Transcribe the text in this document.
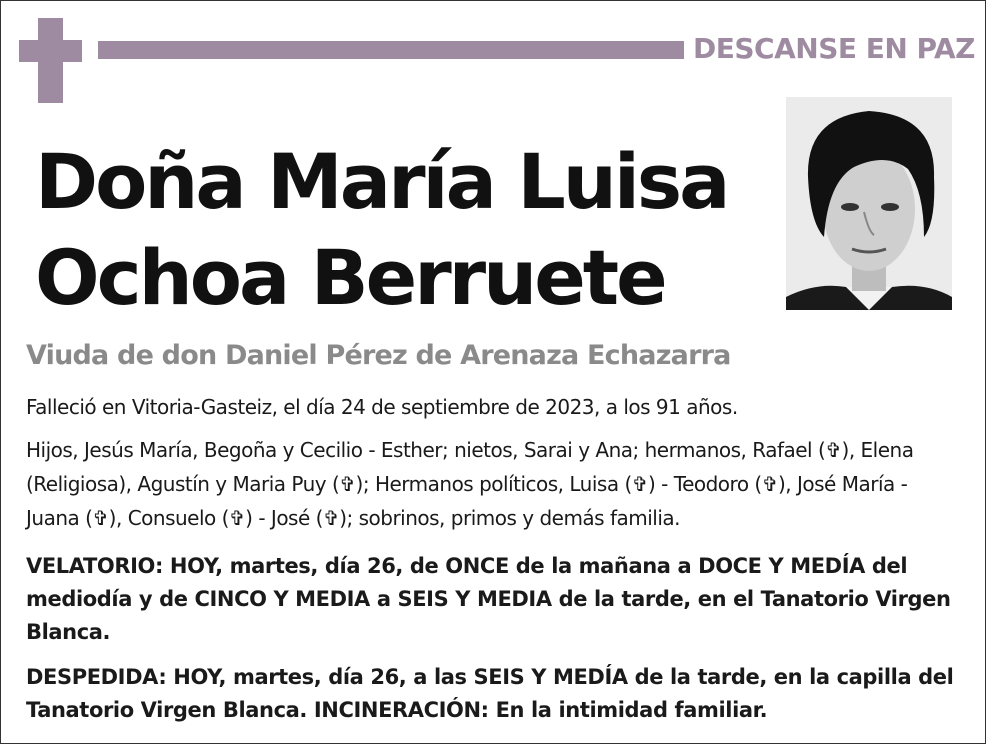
DESCANSE EN PAZ
Doña María Luisa
Ochoa Berruete
Viuda de don Daniel Pérez de Arenaza Echazarra
Falleció en Vitoria-Gasteiz, el día 24 de septiembre de 2023, a los 91 años.
Hijos, Jesús María, Begoña y Cecilio - Esther; nietos, Sarai y Ana; hermanos, Rafael (✞), Elena (Religiosa), Agustín y Maria Puy (✞); Hermanos políticos, Luisa (✞) - Teodoro (✞), José María - Juana (✞), Consuelo (✞) - José (✞); sobrinos, primos y demás familia.
VELATORIO: HOY, martes, día 26, de ONCE de la mañana a DOCE Y MEDÍA del mediodía y de CINCO Y MEDIA a SEIS Y MEDIA de la tarde, en el Tanatorio Virgen Blanca.
DESPEDIDA: HOY, martes, día 26, a las SEIS Y MEDÍA de la tarde, en la capilla del Tanatorio Virgen Blanca. INCINERACIÓN: En la intimidad familiar.
